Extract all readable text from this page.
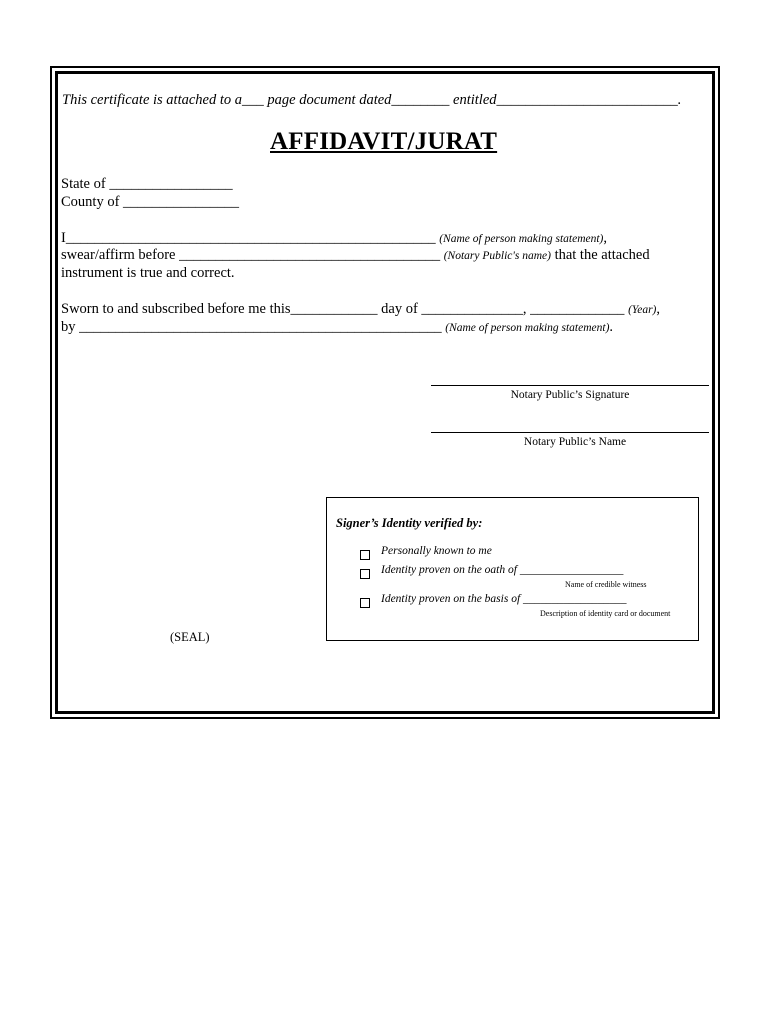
This certificate is attached to a___ page document dated________ entitled_________________________.
AFFIDAVIT/JURAT
State of _________________
County of ________________
I___________________________________________________ (Name of person making statement),
swear/affirm before ____________________________________ (Notary Public's name) that the attached
instrument is true and correct.
Sworn to and subscribed before me this____________ day of ______________, _____________ (Year),
by __________________________________________________ (Name of person making statement).
Notary Public’s Signature
Notary Public’s Name
Signer’s Identity verified by:
Personally known to me
Identity proven on the oath of __________________
Name of credible witness
Identity proven on the basis of __________________
Description of identity card or document
(SEAL)
